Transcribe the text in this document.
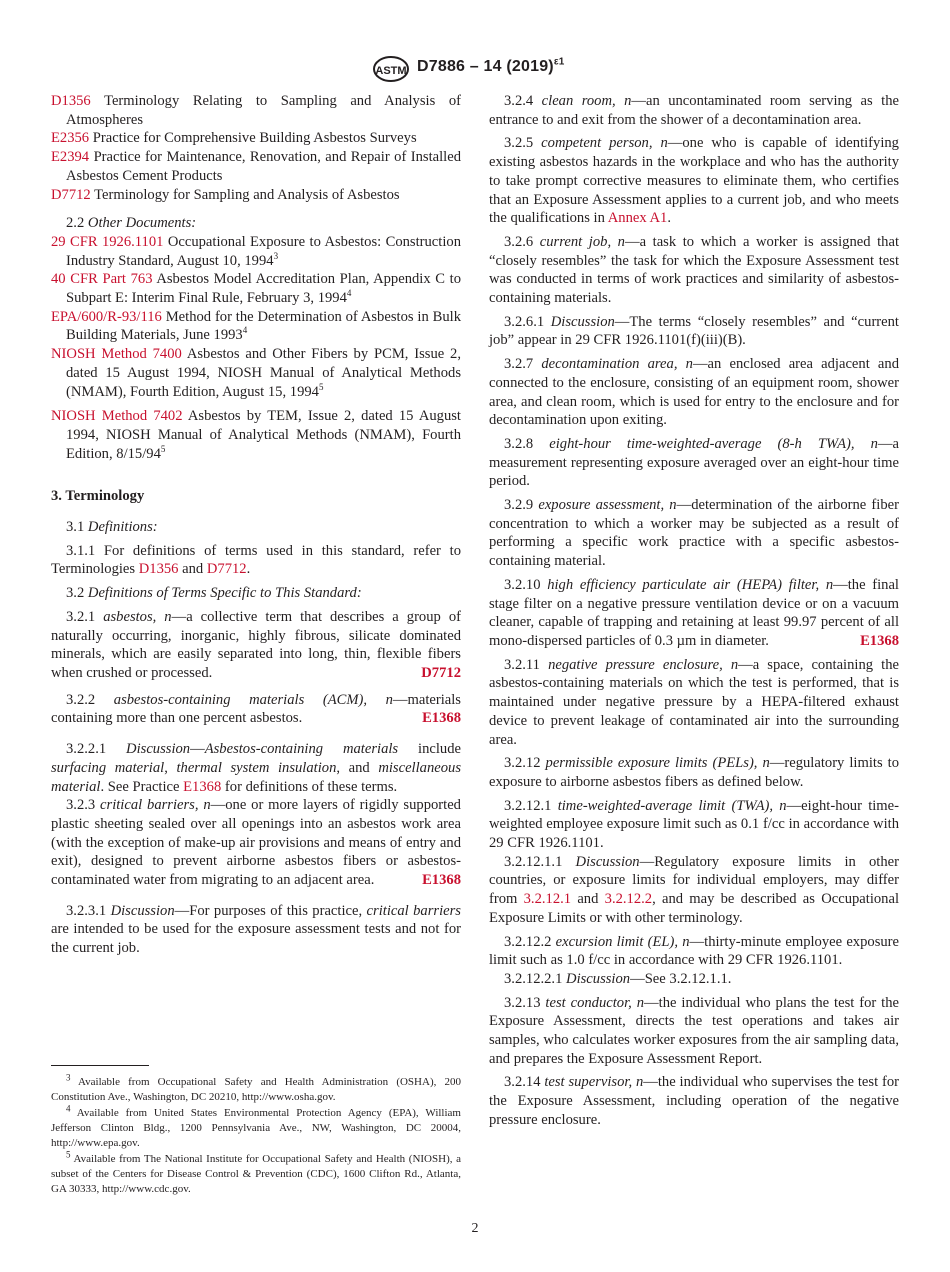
ASTM D7886 – 14 $(2019)^{\varepsilon 1}$

D1356 Terminology Relating to Sampling and Analysis of Atmospheres

E2356 Practice for Comprehensive Building Asbestos Surveys

E2394 Practice for Maintenance, Renovation, and Repair of Installed Asbestos Cement Products

D7712 Terminology for Sampling and Analysis of Asbestos

2.2 Other Documents:

29 CFR 1926.1101 Occupational Exposure to Asbestos: Construction Industry Standard, August 10, 1994$^3$

40 CFR Part 763 Asbestos Model Accreditation Plan, Appendix C to Subpart E: Interim Final Rule, February 3, 1994$^4$

EPA/600/R-93/116 Method for the Determination of Asbestos in Bulk Building Materials, June 1993$^4$

NIOSH Method 7400 Asbestos and Other Fibers by PCM, Issue 2, dated 15 August 1994, NIOSH Manual of Analytical Methods (NMAM), Fourth Edition, August 15, 1994$^5$

NIOSH Method 7402 Asbestos by TEM, Issue 2, dated 15 August 1994, NIOSH Manual of Analytical Methods (NMAM), Fourth Edition, $8/15/94^5$

3. Terminology

3.1 Definitions:

3.1.1 For definitions of terms used in this standard, refer to Terminologies D1356 and D7712.

3.2 Definitions of Terms Specific to This Standard:

3.2.1 asbestos, n—a collective term that describes a group of naturally occurring, inorganic, highly fibrous, silicate dominated minerals, which are easily separated into long, thin, flexible fibers when crushed or processed.	D7712

3.2.2 asbestos-containing materials (ACM), n—materials containing more than one percent asbestos.	E1368

3.2.2.1 Discussion—Asbestos-containing materials include surfacing material, thermal system insulation, and miscellaneous material. See Practice E1368 for definitions of these terms.

3.2.3 critical barriers, n—one or more layers of rigidly supported plastic sheeting sealed over all openings into an asbestos work area (with the exception of make-up air provisions and means of entry and exit), designed to prevent airborne asbestos fibers or asbestos-contaminated water from migrating to an adjacent area.	E1368

3.2.3.1 Discussion—For purposes of this practice, critical barriers are intended to be used for the exposure assessment tests and not for the current job.

3.2.4 clean room, n—an uncontaminated room serving as the entrance to and exit from the shower of a decontamination area.

3.2.5 competent person, n—one who is capable of identifying existing asbestos hazards in the workplace and who has the authority to take prompt corrective measures to eliminate them, who certifies that an Exposure Assessment applies to a current job, and who meets the qualifications in Annex A1.

3.2.6 current job, n—a task to which a worker is assigned that “closely resembles” the task for which the Exposure Assessment test was conducted in terms of work practices and similarity of asbestos-containing materials.

3.2.6.1 Discussion—The terms “closely resembles” and “current job” appear in 29 CFR 1926.1101(f)(iii)(B).

3.2.7 decontamination area, n—an enclosed area adjacent and connected to the enclosure, consisting of an equipment room, shower area, and clean room, which is used for entry to the enclosure and for decontamination upon exiting.

3.2.8 eight-hour time-weighted-average (8-h TWA), n—a measurement representing exposure averaged over an eight-hour time period.

3.2.9 exposure assessment, n—determination of the airborne fiber concentration to which a worker may be subjected as a result of performing a specific work practice with a specific asbestos-containing material.

3.2.10 high efficiency particulate air (HEPA) filter, n—the final stage filter on a negative pressure ventilation device or on a vacuum cleaner, capable of trapping and retaining at least 99.97 percent of all mono-dispersed particles of 0.3 µm in diameter.	E1368

3.2.11 negative pressure enclosure, n—a space, containing the asbestos-containing materials on which the test is performed, that is maintained under negative pressure by a HEPA-filtered exhaust device to prevent leakage of contaminated air into the surrounding area.

3.2.12 permissible exposure limits (PELs), n—regulatory limits to exposure to airborne asbestos fibers as defined below.

3.2.12.1 time-weighted-average limit (TWA), n—eight-hour time-weighted employee exposure limit such as 0.1 f/cc in accordance with 29 CFR 1926.1101.

3.2.12.1.1 Discussion—Regulatory exposure limits in other countries, or exposure limits for individual employers, may differ from 3.2.12.1 and 3.2.12.2, and may be described as Occupational Exposure Limits or with other terminology.

3.2.12.2 excursion limit (EL), n—thirty-minute employee exposure limit such as 1.0 f/cc in accordance with 29 CFR 1926.1101.

3.2.12.2.1 Discussion—See 3.2.12.1.1.

3.2.13 test conductor, n—the individual who plans the test for the Exposure Assessment, directs the test operations and takes air samples, who calculates worker exposures from the air sampling data, and prepares the Exposure Assessment Report.

3.2.14 test supervisor, n—the individual who supervises the test for the Exposure Assessment, including operation of the negative pressure enclosure.

$^3$ Available from Occupational Safety and Health Administration (OSHA), 200 Constitution Ave., Washington, DC 20210, http://www.osha.gov.

$^4$ Available from United States Environmental Protection Agency (EPA), William Jefferson Clinton Bldg., 1200 Pennsylvania Ave., NW, Washington, DC 20004, http://www.epa.gov.

$^5$ Available from The National Institute for Occupational Safety and Health (NIOSH), a subset of the Centers for Disease Control & Prevention (CDC), 1600 Clifton Rd., Atlanta, GA 30333, http://www.cdc.gov.

2
